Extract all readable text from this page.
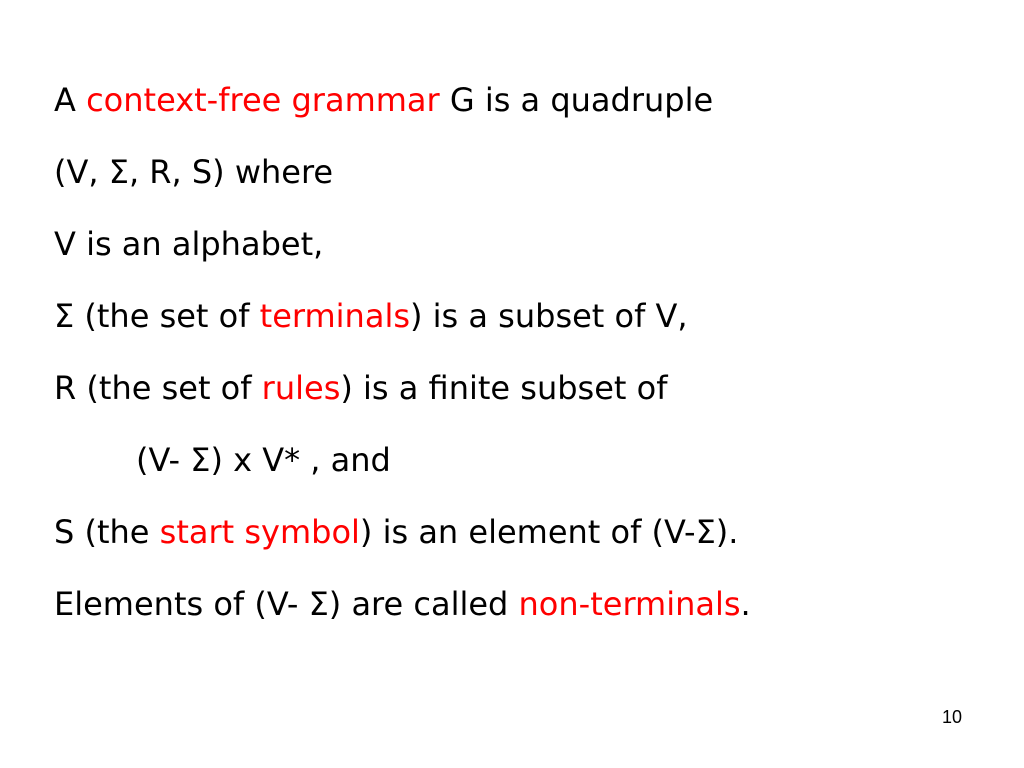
A context-free grammar G is a quadruple
(V, Σ, R, S) where
V is an alphabet,
Σ (the set of terminals) is a subset of V,
R (the set of rules) is a finite subset of
(V- Σ) x V* , and
S (the start symbol) is an element of (V-Σ).
Elements of (V- Σ) are called non-terminals.
10
